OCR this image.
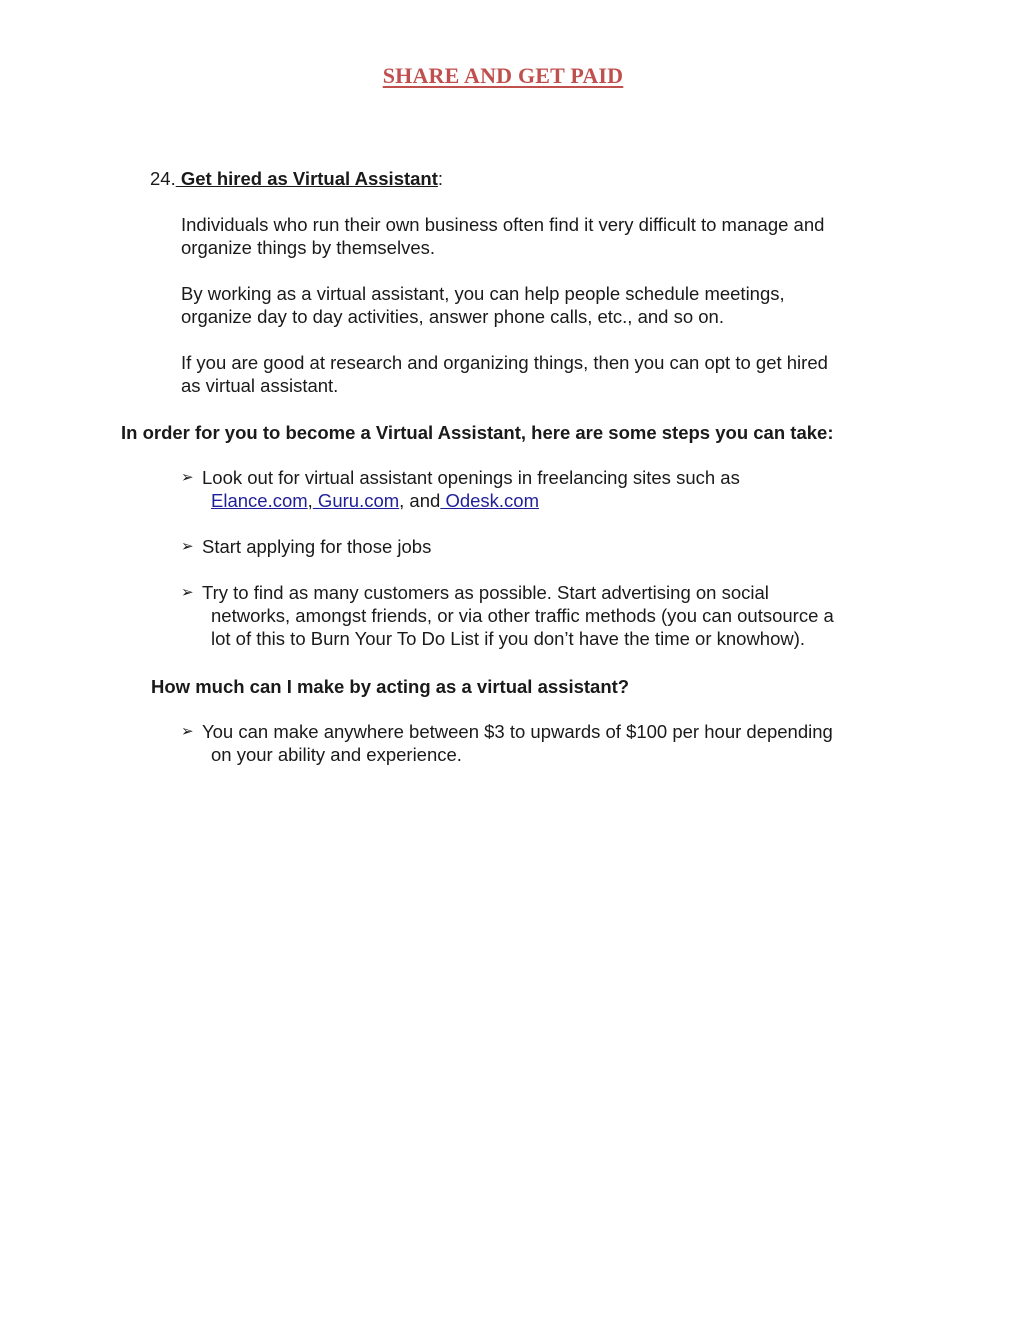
SHARE AND GET PAID
24. Get hired as Virtual Assistant:
Individuals who run their own business often find it very difficult to manage and
organize things by themselves.
By working as a virtual assistant, you can help people schedule meetings,
organize day to day activities, answer phone calls, etc., and so on.
If you are good at research and organizing things, then you can opt to get hired
as virtual assistant.
In order for you to become a Virtual Assistant, here are some steps you can take:
➢ Look out for virtual assistant openings in freelancing sites such as
Elance.com, Guru.com, and Odesk.com
➢ Start applying for those jobs
➢ Try to find as many customers as possible. Start advertising on social
networks, amongst friends, or via other traffic methods (you can outsource a
lot of this to Burn Your To Do List if you don’t have the time or knowhow).
How much can I make by acting as a virtual assistant?
➢ You can make anywhere between $3 to upwards of $100 per hour depending
on your ability and experience.
